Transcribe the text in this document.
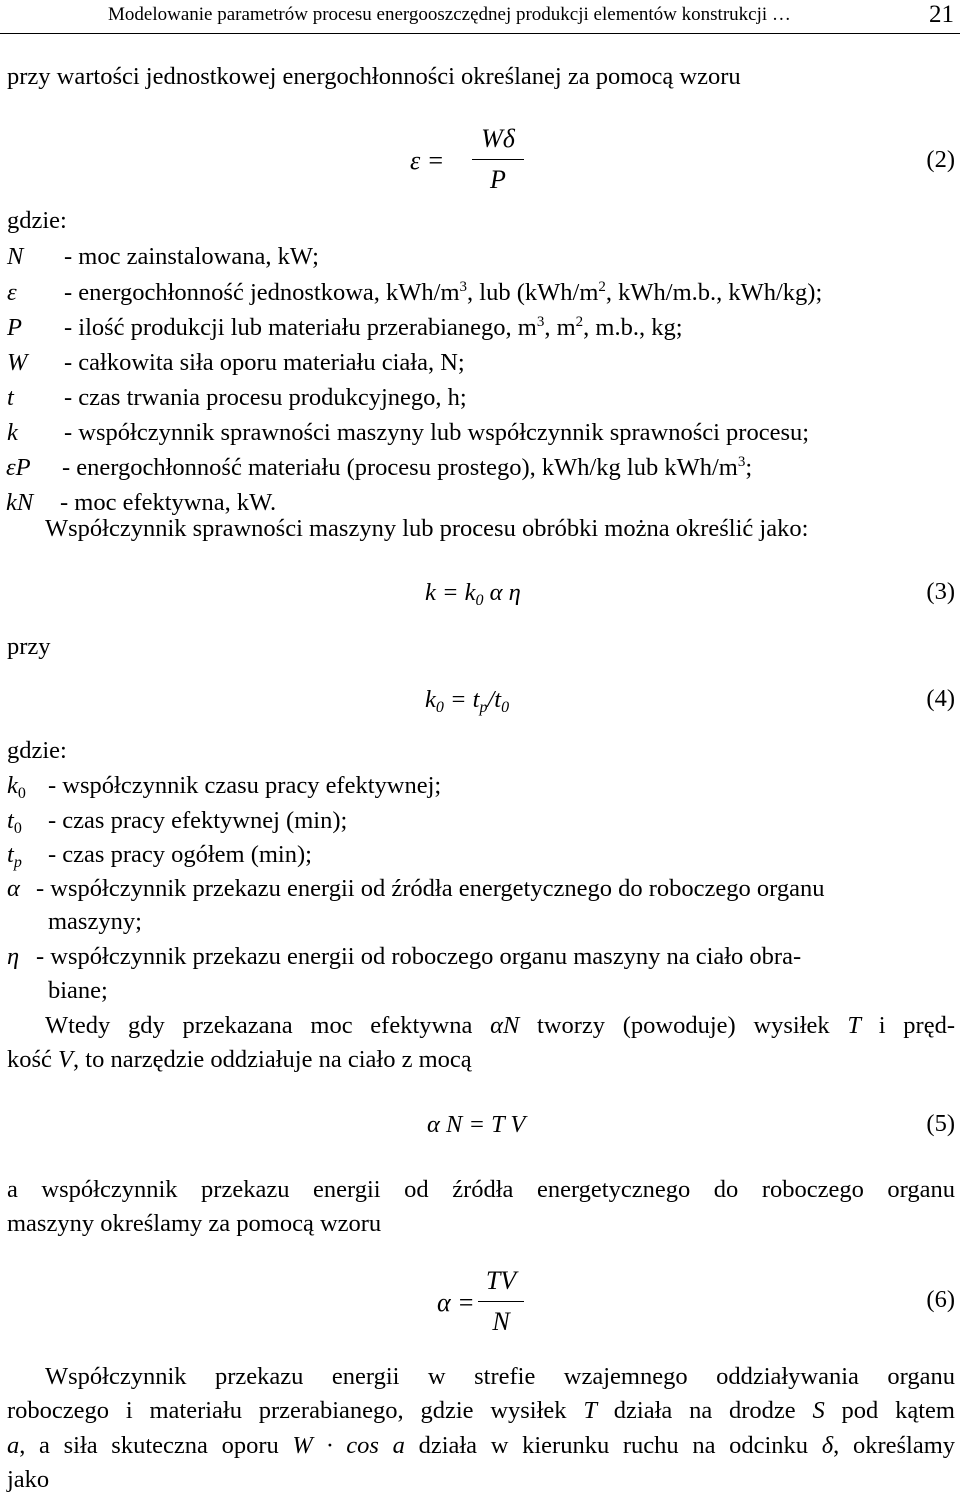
Modelowanie parametrów procesu energooszczędnej produkcji elementów konstrukcji …	21
przy wartości jednostkowej energochłonności określanej za pomocą wzoru
ε =
Wδ
P
(2)
gdzie:
N - moc zainstalowana, kW;
ε - energochłonność jednostkowa, kWh/$m^3$, lub ($kWh/m^2$, kWh/m.b., kWh/kg);
P - ilość produkcji lub materiału przerabianego, $m^3$, $m^2$, m.b., kg;
W - całkowita siła oporu materiału ciała, N;
t - czas trwania procesu produkcyjnego, h;
k - współczynnik sprawności maszyny lub współczynnik sprawności procesu;
εP - energochłonność materiału (procesu prostego), kWh/kg lub kWh/$m^3$;
kN - moc efektywna, kW.
Współczynnik sprawności maszyny lub procesu obróbki można określić jako:
$k = k_0$ α η	(3)
przy
$k_0 = t_p/t_0$	(4)
gdzie:
$k_0$ - współczynnik czasu pracy efektywnej;
$t_0$ - czas pracy efektywnej (min);
$t_p$ - czas pracy ogółem (min);
α - współczynnik przekazu energii od źródła energetycznego do roboczego organu
maszyny;
η - współczynnik przekazu energii od roboczego organu maszyny na ciało obra-
biane;
Wtedy gdy przekazana moc efektywna αN tworzy (powoduje) wysiłek T i pręd-
kość V, to narzędzie oddziałuje na ciało z mocą
α N = T V	(5)
a współczynnik przekazu energii od źródła energetycznego do roboczego organu
maszyny określamy za pomocą wzoru
α =
TV
N
(6)
Współczynnik przekazu energii w strefie wzajemnego oddziaływania organu
roboczego i materiału przerabianego, gdzie wysiłek T działa na drodze S pod kątem
a, a siła skuteczna oporu W · cos a działa w kierunku ruchu na odcinku δ, określamy
jako
